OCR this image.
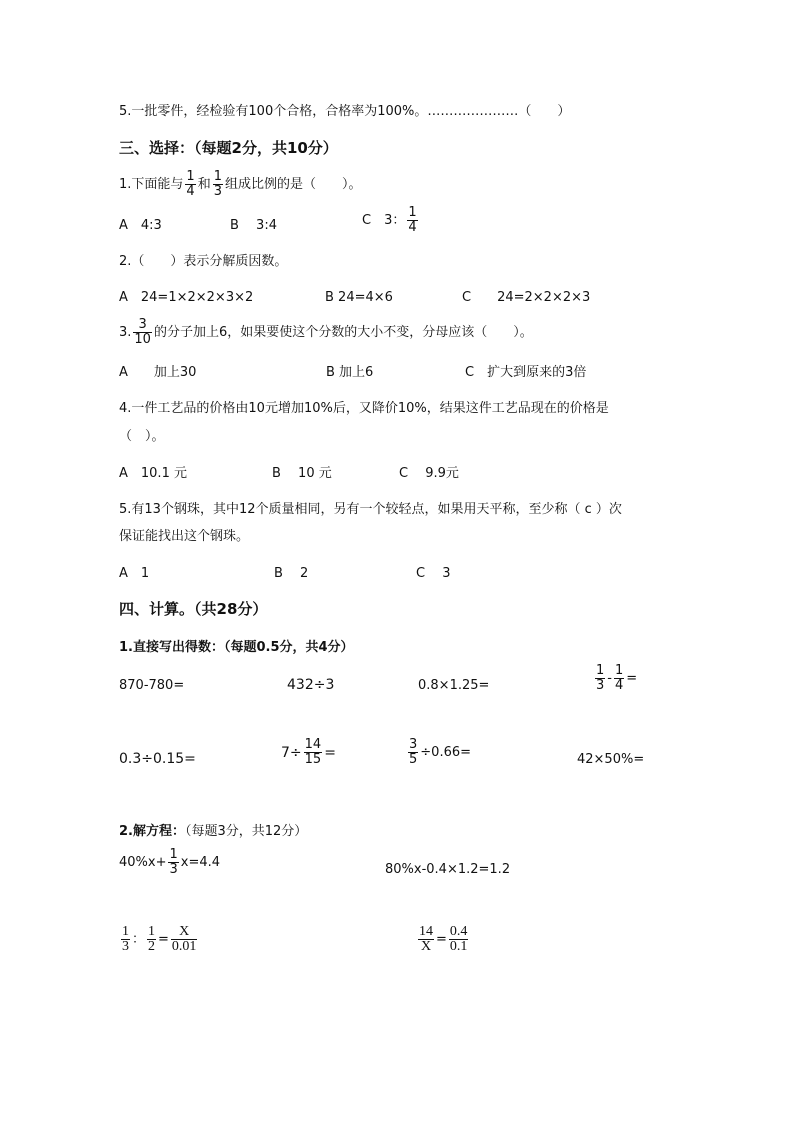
5.一批零件，经检验有100个合格，合格率为100%。…………………（　　）
三、选择：（每题2分，共10分）
1.下面能与 $\frac{1}{4}$ 和 $\frac{1}{3}$ 组成比例的是（　　）。
A　4:3	B　 3:4	C　3： $\frac{1}{4}$
2.（　　）表示分解质因数。
A　24=1×2×2×3×2	B 24=4×6	C　　24=2×2×2×3
3. $\frac{3}{10}$ 的分子加上6，如果要使这个分数的大小不变，分母应该（　　）。
A　　加上30	B 加上6	C　扩大到原来的3倍
4.一件工艺品的价格由10元增加10%后，又降价10%，结果这件工艺品现在的价格是
（　）。
A　10.1 元	B　 10 元	C　 9.9元
5.有13个钢珠，其中12个质量相同，另有一个较轻点，如果用天平称，至少称（ c ）次
保证能找出这个钢珠。
A　1	B　 2	C　 3
四、计算。（共28分）
1.直接写出得数：（每题0.5分，共4分）
870-780=	432÷3	0.8×1.25=	$\frac{1}{3} - \frac{1}{4}$ =
0.3÷0.15=	$7\div \frac{14}{15}$ =	$\frac{3}{5} \div 0.66=$	42×50%=
2.解方程：（每题3分，共12分）
$40\%x+ \frac{1}{3} x=4.4$	80%x-0.4×1.2=1.2
$\frac{1}{3}$ ： $\frac{1}{2} = \frac{X}{0.01}$	$\frac{14}{X} = \frac{0.4}{0.1}$
